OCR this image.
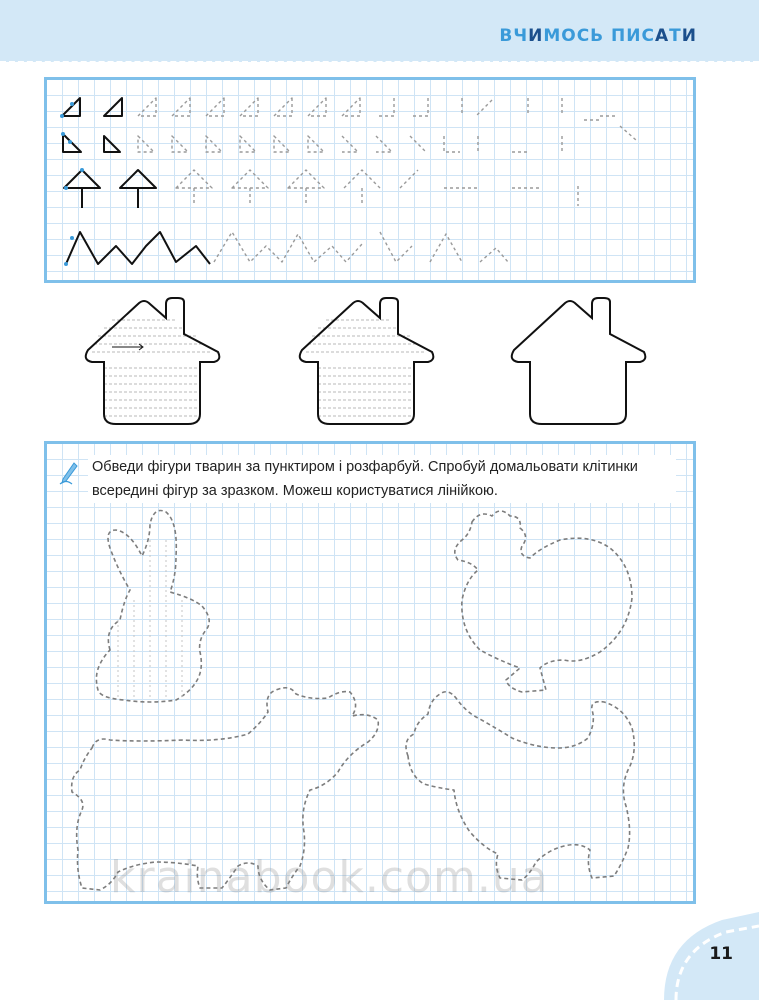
ВЧИМОСЬ ПИСАТИ
Обведи фігури тварин за пунктиром і розфарбуй. Спробуй домальовати клітинки всередині фігур за зразком. Можеш користуватися лінійкою.
krainabook.com.ua
11
